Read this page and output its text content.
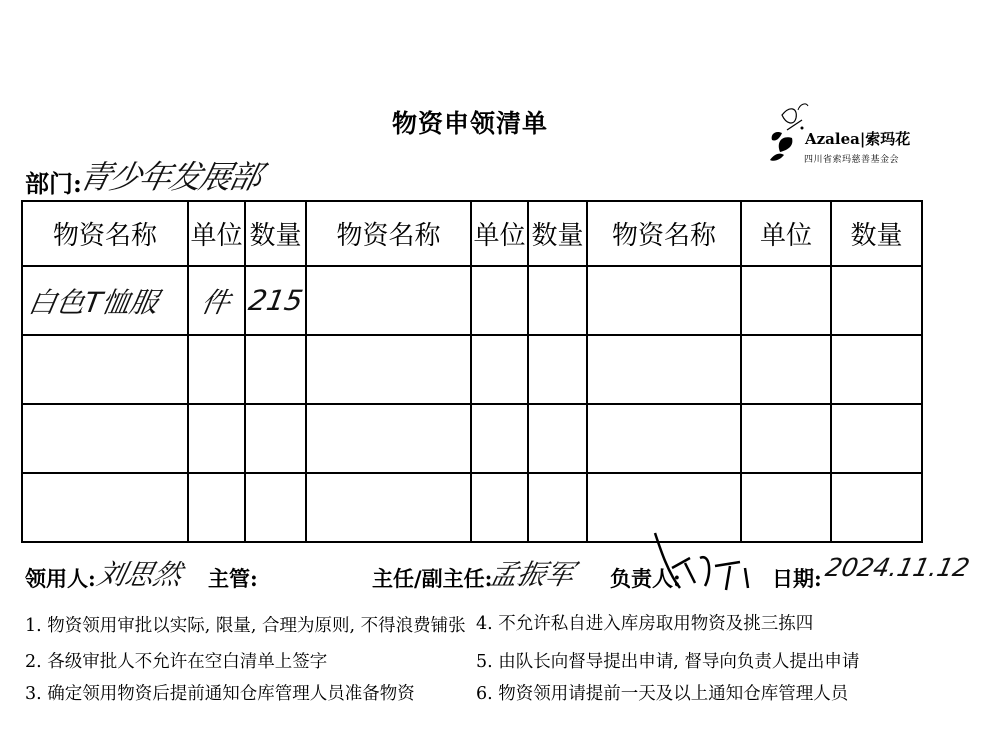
物资申领清单
Azalea|索玛花
四川省索玛慈善基金会
部门:
青少年发展部
物资名称	单位	数量	物资名称	单位	数量	物资名称	单位	数量
白色T恤服	件	215						

领用人:
刘思然 主管:	主任/副主任:
孟振军 负责人:	日期: 2024.11.12
1. 物资领用审批以实际, 限量, 合理为原则, 不得浪费铺张
2. 各级审批人不允许在空白清单上签字
3. 确定领用物资后提前通知仓库管理人员准备物资
4. 不允许私自进入库房取用物资及挑三拣四
5. 由队长向督导提出申请, 督导向负责人提出申请
6. 物资领用请提前一天及以上通知仓库管理人员
